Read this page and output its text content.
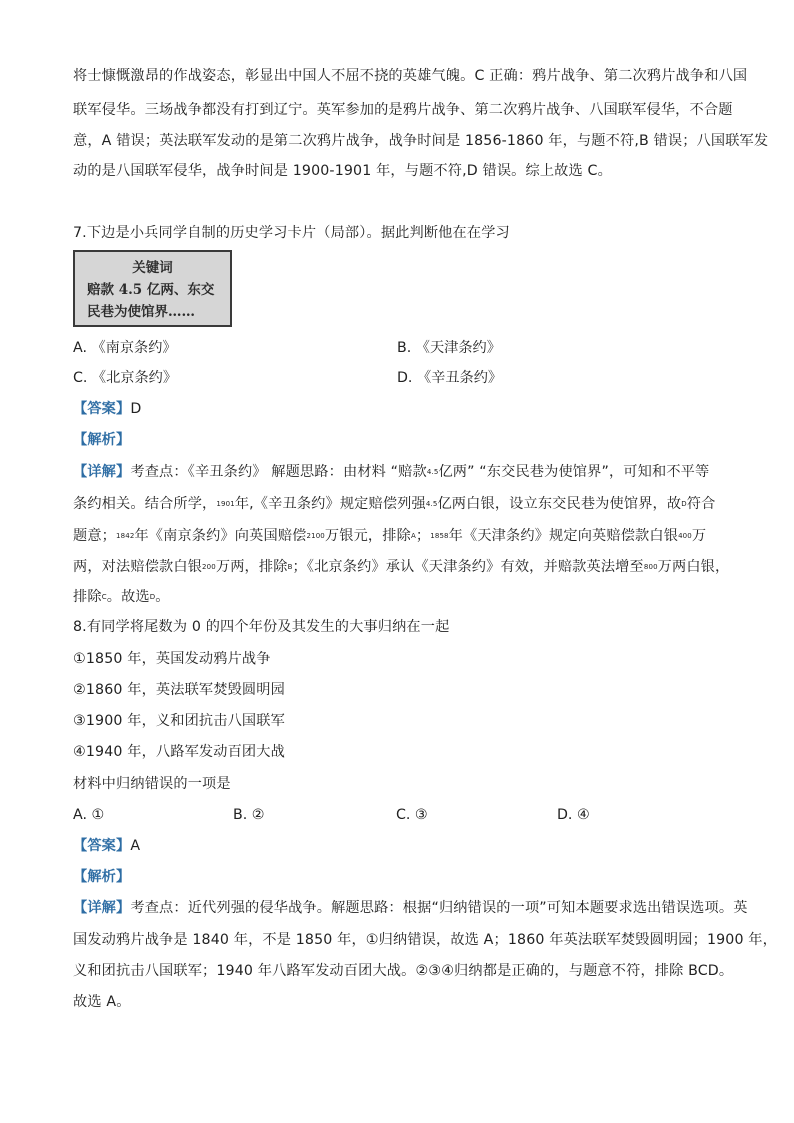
将士慷慨激昂的作战姿态，彰显出中国人不屈不挠的英雄气魄。C 正确：鸦片战争、第二次鸦片战争和八国
联军侵华。三场战争都没有打到辽宁。英军参加的是鸦片战争、第二次鸦片战争、八国联军侵华，不合题
意，A 错误；英法联军发动的是第二次鸦片战争，战争时间是 1856-1860 年，与题不符,B 错误；八国联军发
动的是八国联军侵华，战争时间是 1900-1901 年，与题不符,D 错误。综上故选 C。
7.下边是小兵同学自制的历史学习卡片（局部）。据此判断他在在学习
关键词
赔款 4.5 亿两、东交
民巷为使馆界……
A. 《南京条约》	B. 《天津条约》
C. 《北京条约》	D. 《辛丑条约》
【答案】D
【解析】
【详解】考查点：《辛丑条约》 解题思路：由材料 “赔款4.5亿两” “东交民巷为使馆界”，可知和不平等
条约相关。结合所学，1901年,《辛丑条约》规定赔偿列强4.5亿两白银，设立东交民巷为使馆界，故D符合
题意；1842年《南京条约》向英国赔偿2100万银元，排除A；1858年《天津条约》规定向英赔偿款白银400万
两，对法赔偿款白银200万两，排除B；《北京条约》承认《天津条约》有效，并赔款英法增至800万两白银，
排除C。故选D。
8.有同学将尾数为 0 的四个年份及其发生的大事归纳在一起
①1850 年，英国发动鸦片战争
②1860 年，英法联军焚毁圆明园
③1900 年，义和团抗击八国联军
④1940 年，八路军发动百团大战
材料中归纳错误的一项是
A. ①	B. ②	C. ③	D. ④
【答案】A
【解析】
【详解】考查点：近代列强的侵华战争。解题思路：根据“归纳错误的一项”可知本题要求选出错误选项。英
国发动鸦片战争是 1840 年，不是 1850 年，①归纳错误，故选 A；1860 年英法联军焚毁圆明园；1900 年，
义和团抗击八国联军；1940 年八路军发动百团大战。②③④归纳都是正确的，与题意不符，排除 BCD。
故选 A。
